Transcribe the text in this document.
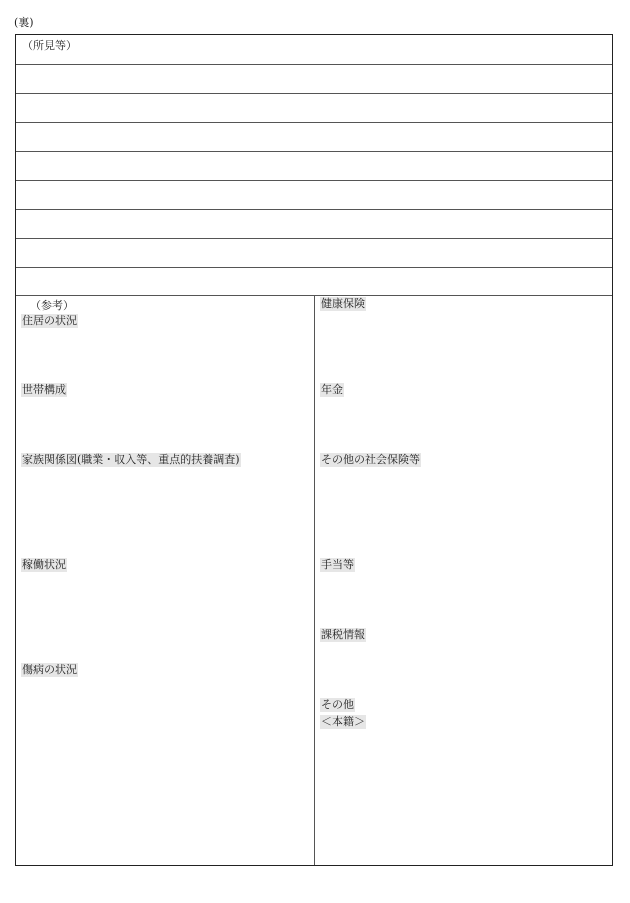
(裏)
（所見等）
（参考）
住居の状況
世帯構成
家族関係図(職業・収入等、重点的扶養調査)
稼働状況
傷病の状況
健康保険
年金
その他の社会保険等
手当等
課税情報
その他
＜本籍＞
